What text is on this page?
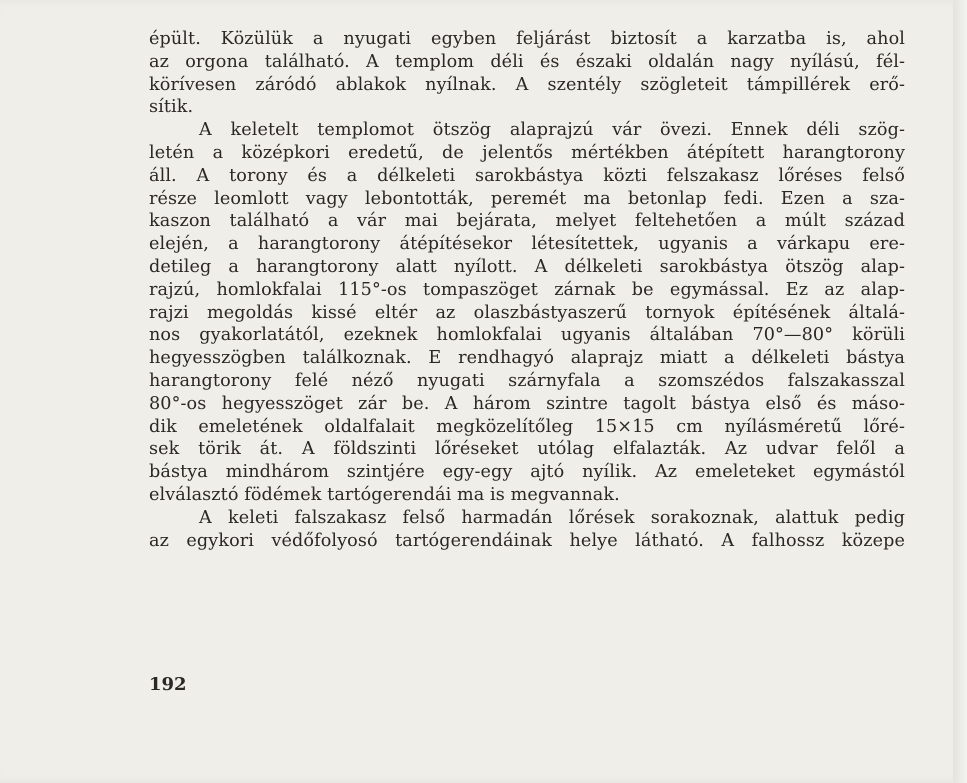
épült. Közülük a nyugati egyben feljárást biztosít a karzatba is, ahol
az orgona található. A templom déli és északi oldalán nagy nyílású, fél-
körívesen záródó ablakok nyílnak. A szentély szögleteit támpillérek erő-
sítik.
A keletelt templomot ötszög alaprajzú vár övezi. Ennek déli szög-
letén a középkori eredetű, de jelentős mértékben átépített harangtorony
áll. A torony és a délkeleti sarokbástya közti felszakasz lőréses felső
része leomlott vagy lebontották, peremét ma betonlap fedi. Ezen a sza-
kaszon található a vár mai bejárata, melyet feltehetően a múlt század
elején, a harangtorony átépítésekor létesítettek, ugyanis a várkapu ere-
detileg a harangtorony alatt nyílott. A délkeleti sarokbástya ötszög alap-
rajzú, homlokfalai 115°-os tompaszöget zárnak be egymással. Ez az alap-
rajzi megoldás kissé eltér az olaszbástyaszerű tornyok építésének általá-
nos gyakorlatától, ezeknek homlokfalai ugyanis általában 70°—80° körüli
hegyesszögben találkoznak. E rendhagyó alaprajz miatt a délkeleti bástya
harangtorony felé néző nyugati szárnyfala a szomszédos falszakasszal
80°-os hegyesszöget zár be. A három szintre tagolt bástya első és máso-
dik emeletének oldalfalait megközelítőleg 15×15 cm nyílásméretű lőré-
sek törik át. A földszinti lőréseket utólag elfalazták. Az udvar felől a
bástya mindhárom szintjére egy-egy ajtó nyílik. Az emeleteket egymástól
elválasztó födémek tartógerendái ma is megvannak.
A keleti falszakasz felső harmadán lőrések sorakoznak, alattuk pedig
az egykori védőfolyosó tartógerendáinak helye látható. A falhossz közepe
192
